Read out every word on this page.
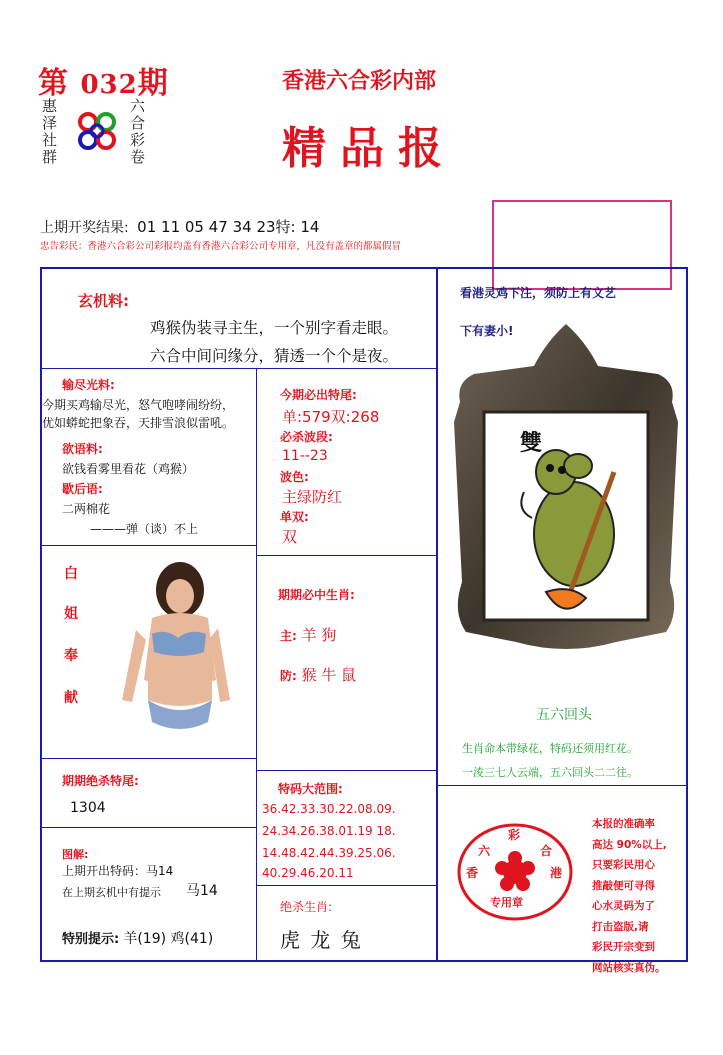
第 032期
惠泽社群
六合彩卷
香港六合彩内部
精品报
上期开奖结果: 01 11 05 47 34 23特: 14
忠告彩民：香港六合彩公司彩报均盖有香港六合彩公司专用章，凡没有盖章的都属假冒
玄机料:
鸡猴伪装寻主生，一个别字看走眼。
六合中间问缘分，猜透一个个是夜。
输尽光料:
今期买鸡输尽光，怒气咆哮闹纷纷，
优如蟒蛇把象吞，天排雪浪似雷吼。
欲语料:
欲钱看雾里看花（鸡猴）
歇后语:
二两棉花
———弹（谈）不上
白
姐
奉
献
今期必出特尾:
单:579双:268
必杀波段:
11--23
波色:
主绿防红
单双:
双
期期必中生肖:
主: 羊 狗
防: 猴 牛 鼠
看港灵鸡下注，须防上有文艺
下有妻小!
雙
五六回头
生肖命本带绿花，特码还须用红花。
一淩三七人云端，五六回头二二往。
期期绝杀特尾:
1304
图解:
上期开出特码：马14
在上期玄机中有提示 马14
特别提示: 羊(19) 鸡(41)
特码大范围:
36.42.33.30.22.08.09.
24.34.26.38.01.19 18.
14.48.42.44.39.25.06.
40.29.46.20.11
绝杀生肖:
虎 龙 兔
彩
六	合
香	港
专用章
本报的准确率
高达 90%以上,
只要彩民用心
推敲便可寻得
心水灵码为了
打击盗版,请
彩民开宗变到
网站核实真伪。
